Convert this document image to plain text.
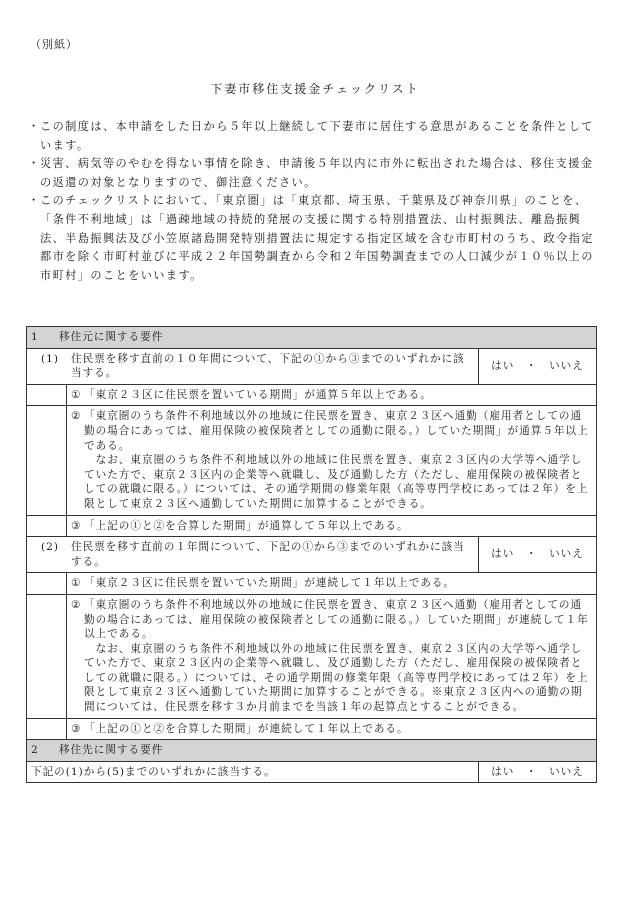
（別紙）
下妻市移住支援金チェックリスト

・ この制度は、本申請をした日から５年以上継続して下妻市に居住する意思があることを条件としています。

・ 災害、病気等のやむを得ない事情を除き、申請後５年以内に市外に転出された場合は、移住支援金の返還の対象となりますので、御注意ください。

・ このチェックリストにおいて、「東京圏」は「東京都、埼玉県、千葉県及び神奈川県」のことを、「条件不利地域」は「過疎地域の持続的発展の支援に関する特別措置法、山村振興法、離島振興法、半島振興法及び小笠原諸島開発特別措置法に規定する指定区域を含む市町村のうち、政令指定都市を除く市町村並びに平成２２年国勢調査から令和２年国勢調査までの人口減少が１０％以上の市町村」のことをいいます。

1 移住元に関する要件		

(1) 住民票を移す直前の１０年間について、下記の①から③までのいずれかに該当する。		はい　・　いいえ

	① 「東京２３区に住民票を置いている期間」が通算５年以上である。	

	② 「東京圏のうち条件不利地域以外の地域に住民票を置き、東京２３区へ通勤（雇用者としての通勤の場合にあっては、雇用保険の被保険者としての通勤に限る。）していた期間」が通算５年以上である。
なお、東京圏のうち条件不利地域以外の地域に住民票を置き、東京２３区内の大学等へ通学していた方で、東京２３区内の企業等へ就職し、及び通勤した方（ただし、雇用保険の被保険者としての就職に限る。）については、その通学期間の修業年限（高等専門学校にあっては２年）を上限として東京２３区へ通勤していた期間に加算することができる。	

	③ 「上記の①と②を合算した期間」が通算して５年以上である。	

(2) 住民票を移す直前の１年間について、下記の①から③までのいずれかに該当する。		はい　・　いいえ

	① 「東京２３区に住民票を置いていた期間」が連続して１年以上である。	

	② 「東京圏のうち条件不利地域以外の地域に住民票を置き、東京２３区へ通勤（雇用者としての通勤の場合にあっては、雇用保険の被保険者としての通勤に限る。）していた期間」が連続して１年以上である。
なお、東京圏のうち条件不利地域以外の地域に住民票を置き、東京２３区内の大学等へ通学していた方で、東京２３区内の企業等へ就職し、及び通勤した方（ただし、雇用保険の被保険者としての就職に限る。）については、その通学期間の修業年限（高等専門学校にあっては２年）を上限として東京２３区へ通勤していた期間に加算することができる。※東京２３区内への通勤の期間については、住民票を移す３か月前までを当該１年の起算点とすることができる。	

	③ 「上記の①と②を合算した期間」が連続して１年以上である。	

2 移住先に関する要件		
下記の(1)から(5)までのいずれかに該当する。		はい　・　いいえ
